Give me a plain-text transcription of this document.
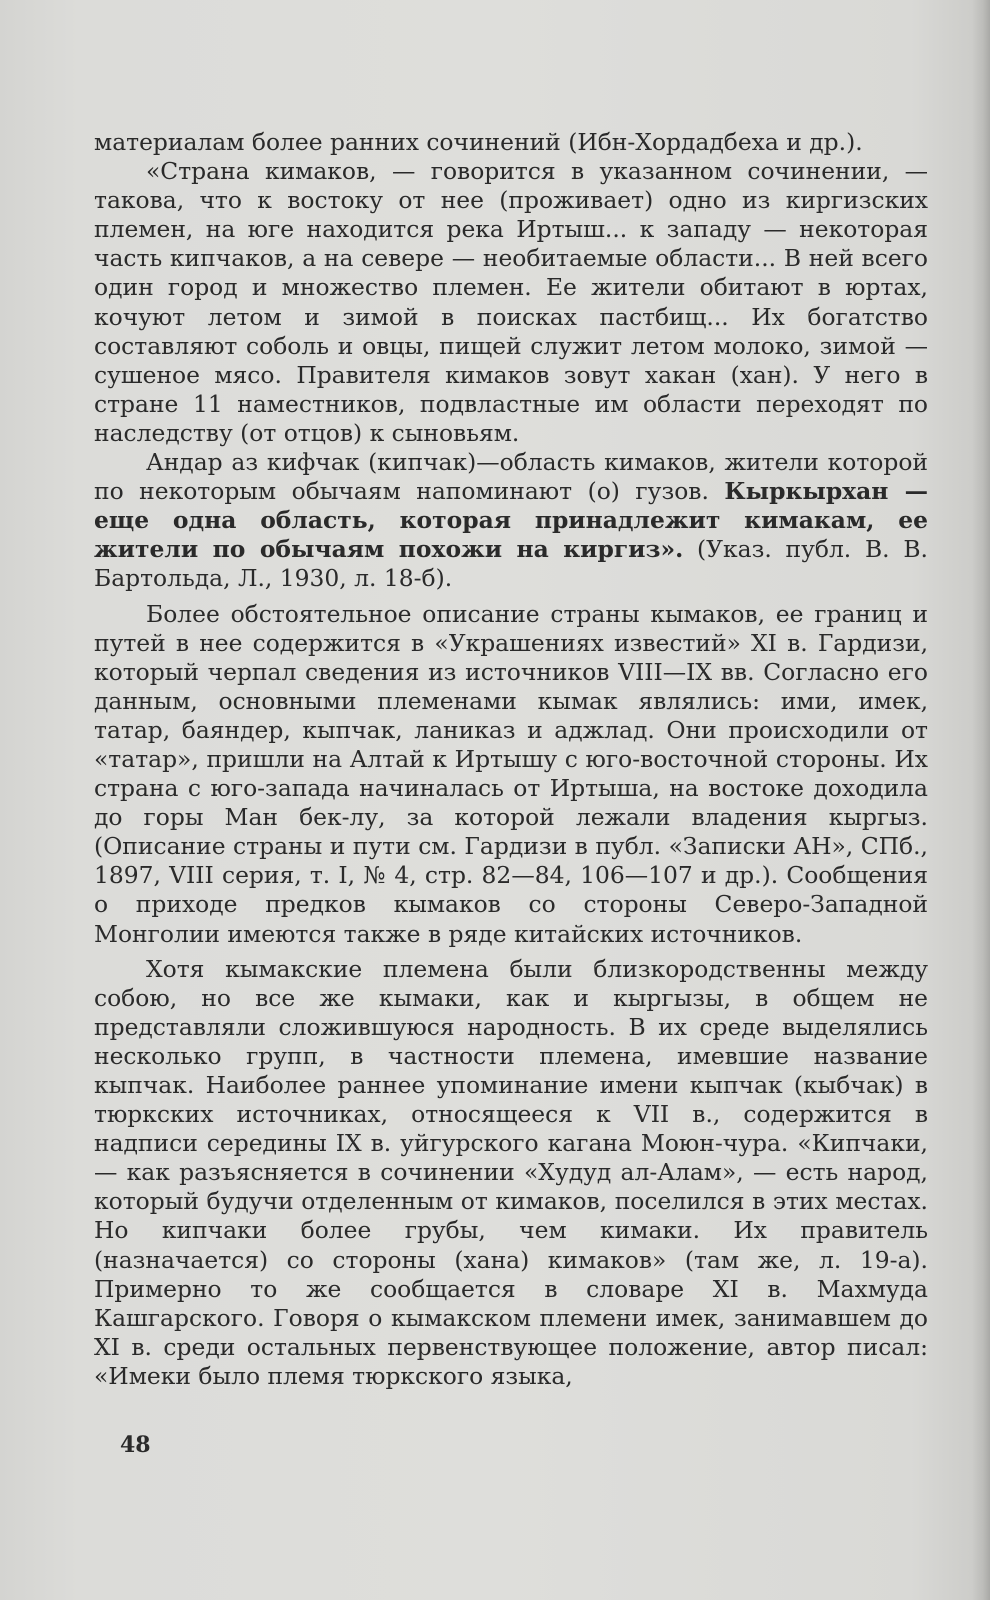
материалам более ранних сочинений (Ибн-Хордадбеха и др.).

«Страна кимаков, — говорится в указанном сочинении, — такова, что к востоку от нее (проживает) одно из киргизских племен, на юге находится река Иртыш... к западу — некоторая часть кипчаков, а на севере — необитаемые области... В ней всего один город и множество племен. Ее жители обитают в юртах, кочуют летом и зимой в поисках пастбищ... Их богатство составляют соболь и овцы, пищей служит летом молоко, зимой — сушеное мясо. Правителя кимаков зовут хакан (хан). У него в стране 11 наместников, подвластные им области переходят по наследству (от отцов) к сыновьям.

Андар аз кифчак (кипчак)—область кимаков, жители которой по некоторым обычаям напоминают (о) гузов. Кыркырхан — еще одна область, которая принадлежит кимакам, ее жители по обычаям похожи на киргиз». (Указ. публ. В. В. Бартольда, Л., 1930, л. 18-б).

Более обстоятельное описание страны кымаков, ее границ и путей в нее содержится в «Украшениях известий» XI в. Гардизи, который черпал сведения из источников VIII—IX вв. Согласно его данным, основными племенами кымак являлись: ими, имек, татар, баяндер, кыпчак, ланиказ и аджлад. Они происходили от «татар», пришли на Алтай к Иртышу с юго-восточной стороны. Их страна с юго-запада начиналась от Иртыша, на востоке доходила до горы Ман бек-лу, за которой лежали владения кыргыз. (Описание страны и пути см. Гардизи в публ. «Записки АН», СПб., 1897, VIII серия, т. I, № 4, стр. 82—84, 106—107 и др.). Сообщения о приходе предков кымаков со стороны Северо-Западной Монголии имеются также в ряде китайских источников.

Хотя кымакские племена были близкородственны между собою, но все же кымаки, как и кыргызы, в общем не представляли сложившуюся народность. В их среде выделялись несколько групп, в частности племена, имевшие название кыпчак. Наиболее раннее упоминание имени кыпчак (кыбчак) в тюркских источниках, относящееся к VII в., содержится в надписи середины IX в. уйгурского кагана Моюн-чура. «Кипчаки, — как разъясняется в сочинении «Худуд ал-Алам», — есть народ, который будучи отделенным от кимаков, поселился в этих местах. Но кипчаки более грубы, чем кимаки. Их правитель (назначается) со стороны (хана) кимаков» (там же, л. 19-а). Примерно то же сообщается в словаре XI в. Махмуда Кашгарского. Говоря о кымакском племени имек, занимавшем до XI в. среди остальных первенствующее положение, автор писал: «Имеки было племя тюркского языка,

48
